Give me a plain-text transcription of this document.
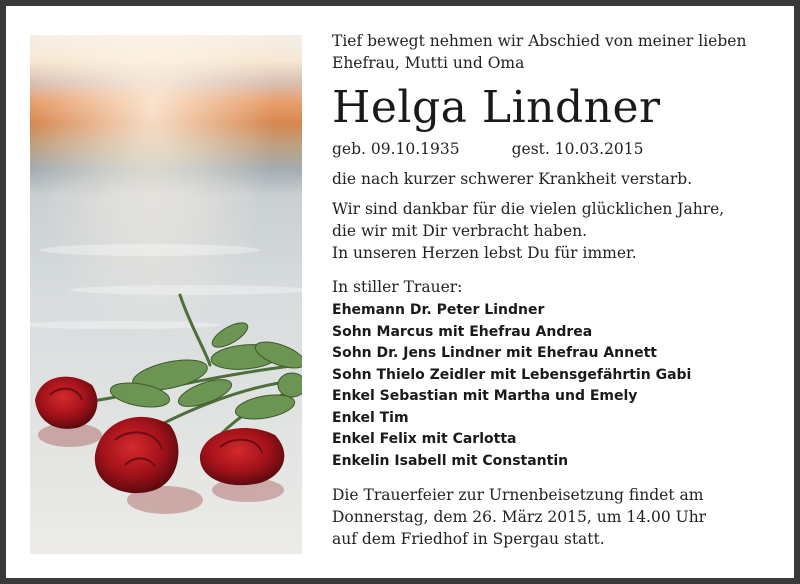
Tief bewegt nehmen wir Abschied von meiner lieben
Ehefrau, Mutti und Oma

Helga Lindner

geb. 09.10.1935	gest. 10.03.2015

die nach kurzer schwerer Krankheit verstarb.

Wir sind dankbar für die vielen glücklichen Jahre,
die wir mit Dir verbracht haben.
In unseren Herzen lebst Du für immer.

In stiller Trauer:

Ehemann Dr. Peter Lindner
Sohn Marcus mit Ehefrau Andrea
Sohn Dr. Jens Lindner mit Ehefrau Annett
Sohn Thielo Zeidler mit Lebensgefährtin Gabi
Enkel Sebastian mit Martha und Emely
Enkel Tim
Enkel Felix mit Carlotta
Enkelin Isabell mit Constantin

Die Trauerfeier zur Urnenbeisetzung findet am
Donnerstag, dem 26. März 2015, um 14.00 Uhr
auf dem Friedhof in Spergau statt.
